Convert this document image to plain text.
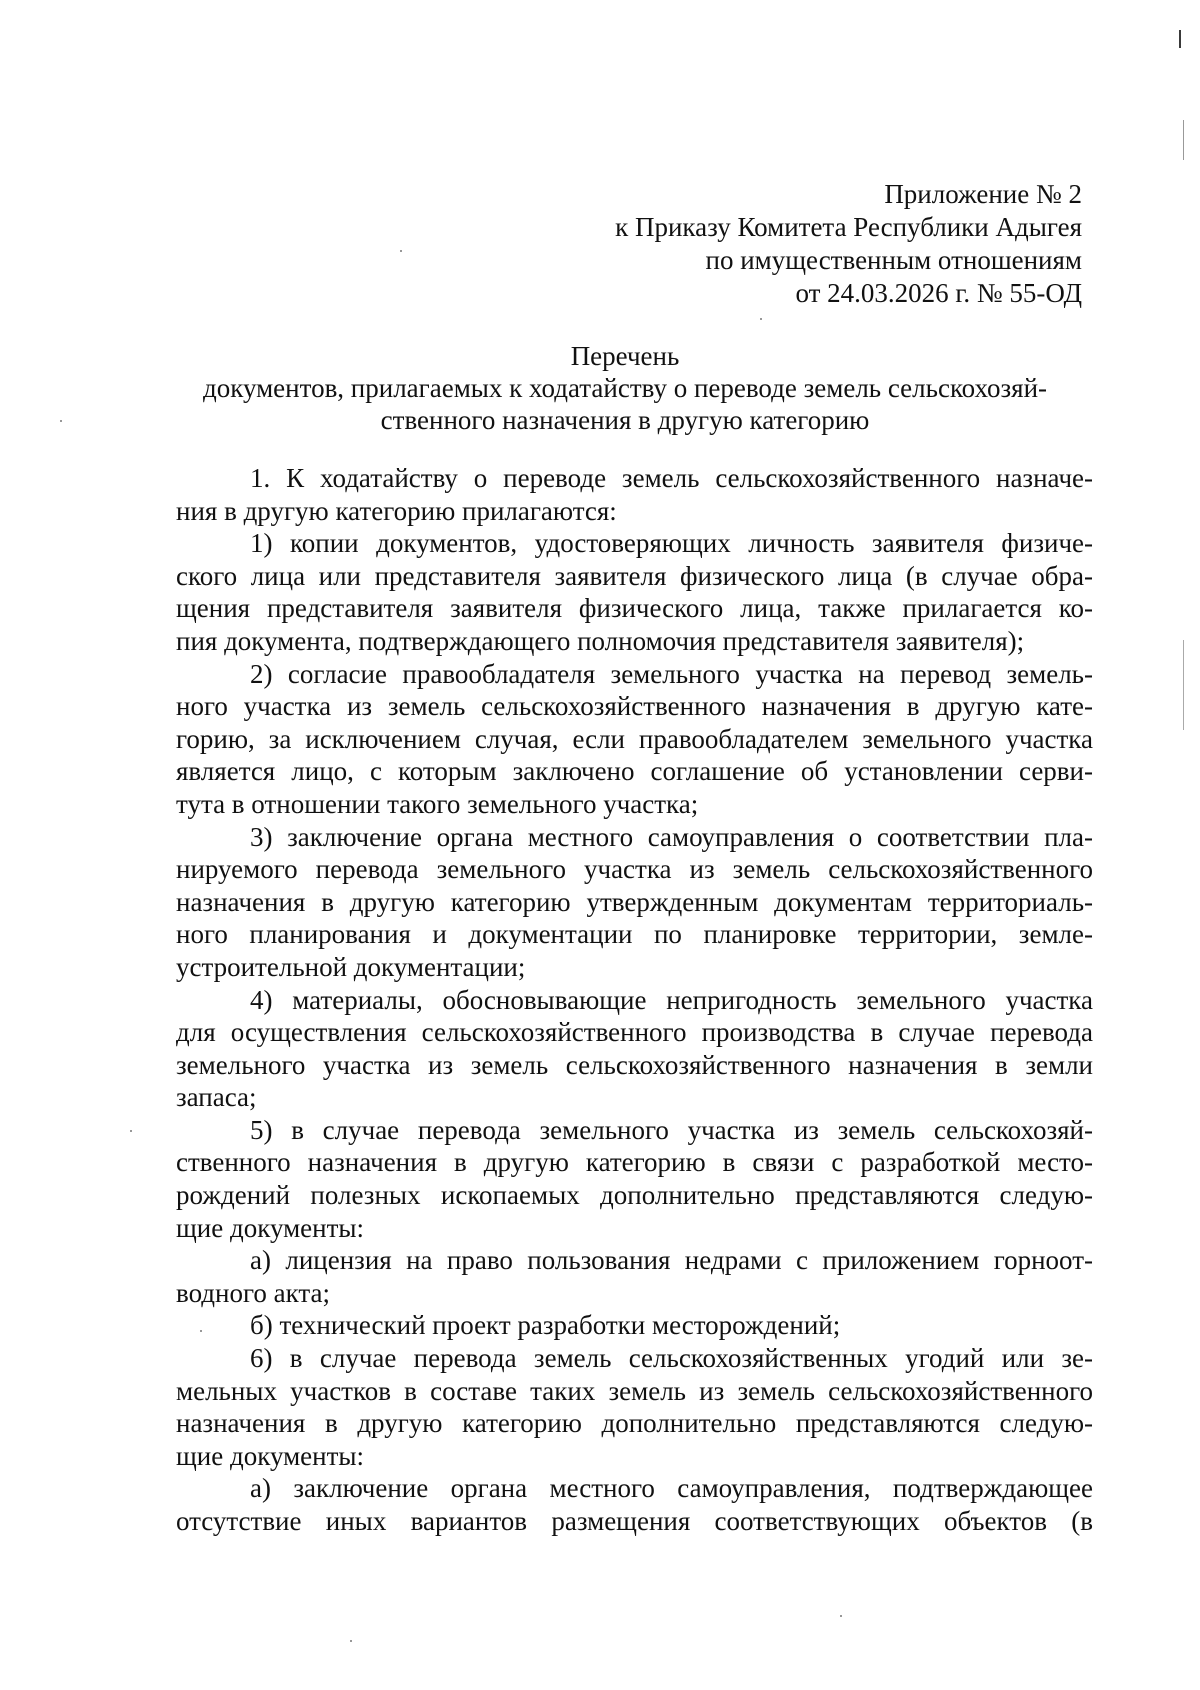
Приложение № 2
к Приказу Комитета Республики Адыгея
по имущественным отношениям
от 24.03.2026 г. № 55-ОД
Перечень
документов, прилагаемых к ходатайству о переводе земель сельскохозяй-
ственного назначения в другую категорию
1. К ходатайству о переводе земель сельскохозяйственного назначе-
ния в другую категорию прилагаются:
1) копии документов, удостоверяющих личность заявителя физиче-
ского лица или представителя заявителя физического лица (в случае обра-
щения представителя заявителя физического лица, также прилагается ко-
пия документа, подтверждающего полномочия представителя заявителя);
2) согласие правообладателя земельного участка на перевод земель-
ного участка из земель сельскохозяйственного назначения в другую кате-
горию, за исключением случая, если правообладателем земельного участка
является лицо, с которым заключено соглашение об установлении серви-
тута в отношении такого земельного участка;
3) заключение органа местного самоуправления о соответствии пла-
нируемого перевода земельного участка из земель сельскохозяйственного
назначения в другую категорию утвержденным документам территориаль-
ного планирования и документации по планировке территории, земле-
устроительной документации;
4) материалы, обосновывающие непригодность земельного участка
для осуществления сельскохозяйственного производства в случае перевода
земельного участка из земель сельскохозяйственного назначения в земли
запаса;
5) в случае перевода земельного участка из земель сельскохозяй-
ственного назначения в другую категорию в связи с разработкой место-
рождений полезных ископаемых дополнительно представляются следую-
щие документы:
а) лицензия на право пользования недрами с приложением горноот-
водного акта;
б) технический проект разработки месторождений;
6) в случае перевода земель сельскохозяйственных угодий или зе-
мельных участков в составе таких земель из земель сельскохозяйственного
назначения в другую категорию дополнительно представляются следую-
щие документы:
а) заключение органа местного самоуправления, подтверждающее
отсутствие иных вариантов размещения соответствующих объектов (в
